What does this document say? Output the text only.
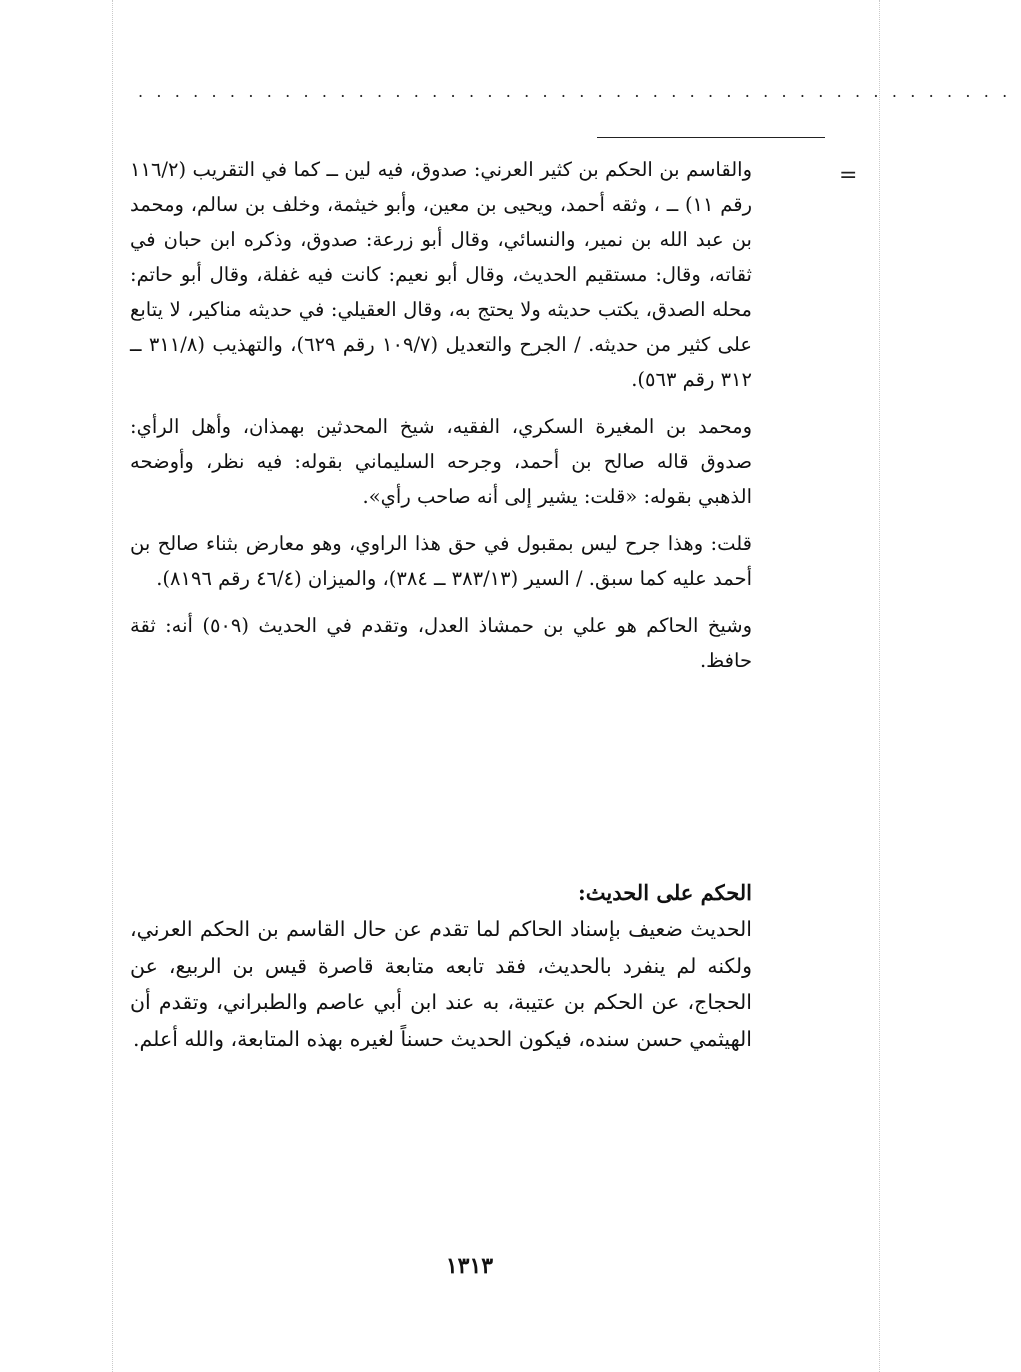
................................................
=

والقاسم بن الحكم بن كثير العرني: صدوق، فيه لين ــ كما في التقريب (١١٦/٢ رقم ١١) ــ ، وثقه أحمد، ويحيى بن معين، وأبو خيثمة، وخلف بن سالم، ومحمد بن عبد الله بن نمير، والنسائي، وقال أبو زرعة: صدوق، وذكره ابن حبان في ثقاته، وقال: مستقيم الحديث، وقال أبو نعيم: كانت فيه غفلة، وقال أبو حاتم: محله الصدق، يكتب حديثه ولا يحتج به، وقال العقيلي: في حديثه مناكير، لا يتابع على كثير من حديثه. / الجرح والتعديل (١٠٩/٧ رقم ٦٢٩)، والتهذيب (٣١١/٨ ــ ٣١٢ رقم ٥٦٣).

ومحمد بن المغيرة السكري، الفقيه، شيخ المحدثين بهمذان، وأهل الرأي: صدوق قاله صالح بن أحمد، وجرحه السليماني بقوله: فيه نظر، وأوضحه الذهبي بقوله: «قلت: يشير إلى أنه صاحب رأي».

قلت: وهذا جرح ليس بمقبول في حق هذا الراوي، وهو معارض بثناء صالح بن أحمد عليه كما سبق. / السير (٣٨٣/١٣ ــ ٣٨٤)، والميزان (٤٦/٤ رقم ٨١٩٦).

وشيخ الحاكم هو علي بن حمشاذ العدل، وتقدم في الحديث (٥٠٩) أنه: ثقة حافظ.

الحكم على الحديث:

الحديث ضعيف بإسناد الحاكم لما تقدم عن حال القاسم بن الحكم العرني، ولكنه لم ينفرد بالحديث، فقد تابعه متابعة قاصرة قيس بن الربيع، عن الحجاج، عن الحكم بن عتيبة، به عند ابن أبي عاصم والطبراني، وتقدم أن الهيثمي حسن سنده، فيكون الحديث حسناً لغيره بهذه المتابعة، والله أعلم.

١٣١٣
